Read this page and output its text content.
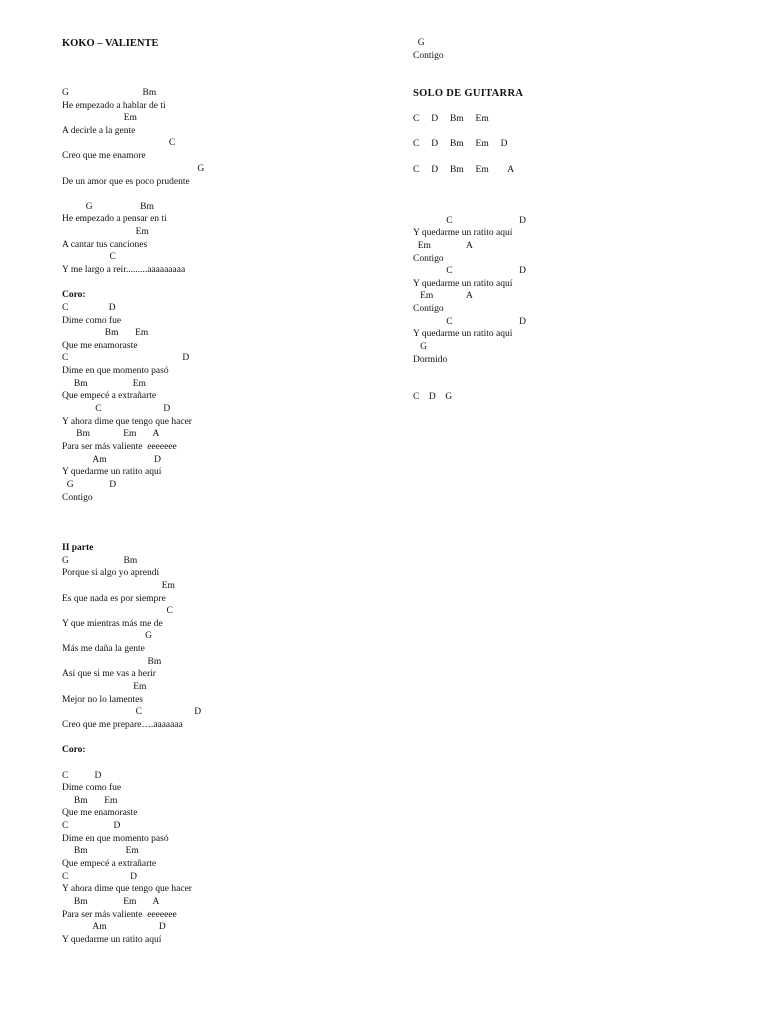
KOKO – VALIENTE
G                               Bm
He empezado a hablar de ti
Em
A decirle a la gente
C
Creo que me enamore
G
De un amor que es poco prudente
G                    Bm
He empezado a pensar en ti
Em
A cantar tus canciones
C
Y me largo a reír.........aaaaaaaaa
Coro:
C                 D
Dime como fue
Bm       Em
Que me enamoraste
C                                                D
Dime en que momento pasó
Bm                   Em
Que empecé a extrañarte
C                          D
Y ahora dime que tengo que hacer
Bm              Em       A
Para ser más valiente  eeeeeee
Am                    D
Y quedarme un ratito aquí
G               D
Contigo
II parte
G                       Bm
Porque si algo yo aprendí
Em
Es que nada es por siempre
C
Y que mientras más me de
G
Más me daña la gente
Bm
Así que si me vas a herir
Em
Mejor no lo lamentes
C                      D
Creo que me prepare….aaaaaaa
Coro:
C           D
Dime como fue
Bm       Em
Que me enamoraste
C                   D
Dime en que momento pasó
Bm                Em
Que empecé a extrañarte
C                          D
Y ahora dime que tengo que hacer
Bm               Em       A
Para ser más valiente  eeeeeee
Am                      D
Y quedarme un ratito aquí
G
Contigo
SOLO DE GUITARRA
C     D     Bm     Em
C     D     Bm     Em     D
C     D     Bm     Em        A
C                            D
Y quedarme un ratito aquí
Em               A
Contigo
C                            D
Y quedarme un ratito aquí
Em              A
Contigo
C                            D
Y quedarme un ratito aquí
G
Dormido
C    D    G
